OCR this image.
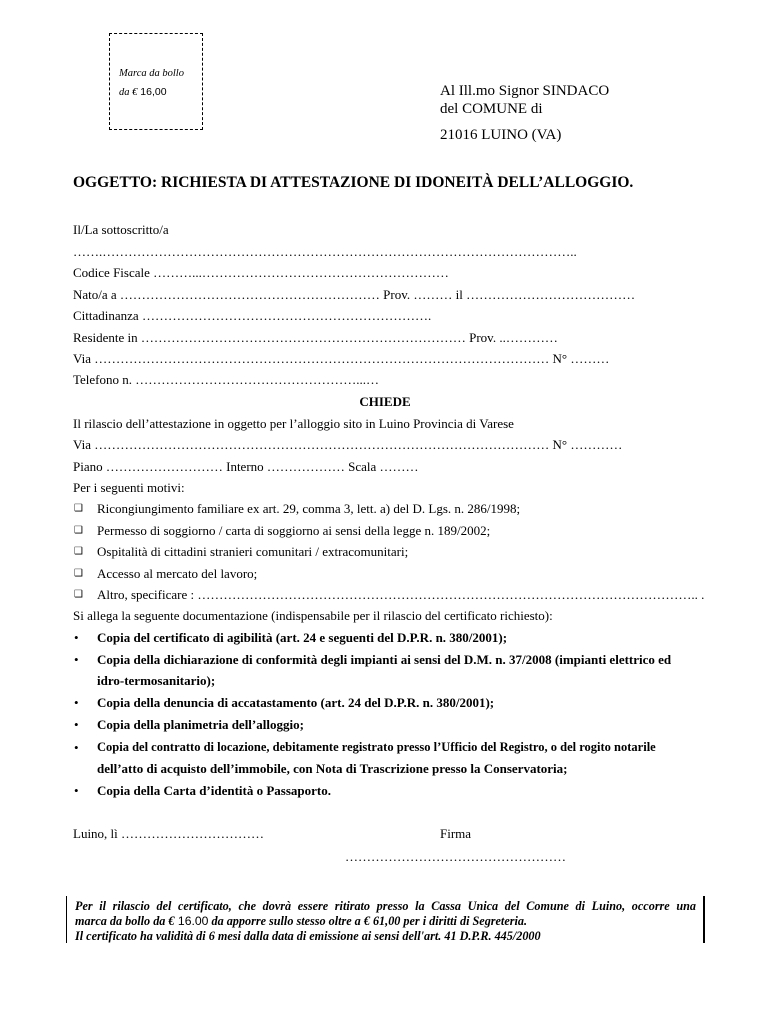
Marca da bollo
da € 16,00	Al Ill.mo Signor SINDACO
del COMUNE di
21016 LUINO (VA)
OGGETTO: RICHIESTA DI ATTESTAZIONE DI IDONEITÀ DELL’ALLOGGIO.
Il/La sottoscritto/a
…….………………………………………………………………………………………………..
Codice Fiscale ………...…………………………………………………
Nato/a a …………………………………………………… Prov. ……… il …………………………………
Cittadinanza ………………………………………………………….
Residente in ………………………………………………………………… Prov. ..…………
Via …………………………………………………………………………………………… N° ………
Telefono n. ……………………………………………...…
CHIEDE
Il rilascio dell’attestazione in oggetto per l’alloggio sito in Luino Provincia di Varese
Via …………………………………………………………………………………………… N° …………
Piano ……………………… Interno ……………… Scala ………
Per i seguenti motivi:
❑ Ricongiungimento familiare ex art. 29, comma 3, lett. a) del D. Lgs. n. 286/1998;
❑ Permesso di soggiorno / carta di soggiorno ai sensi della legge n. 189/2002;
❑ Ospitalità di cittadini stranieri comunitari / extracomunitari;
❑ Accesso al mercato del lavoro;
❑ Altro, specificare : …………………………………………………………………………………………………….. .
Si allega la seguente documentazione (indispensabile per il rilascio del certificato richiesto):
• Copia del certificato di agibilità (art. 24 e seguenti del D.P.R. n. 380/2001);
• Copia della dichiarazione di conformità degli impianti ai sensi del D.M. n. 37/2008 (impianti elettrico ed
idro-termosanitario);
• Copia della denuncia di accatastamento (art. 24 del D.P.R. n. 380/2001);
• Copia della planimetria dell’alloggio;
• Copia del contratto di locazione, debitamente registrato presso l’Ufficio del Registro, o del rogito notarile
dell’atto di acquisto dell’immobile, con Nota di Trascrizione presso la Conservatoria;
• Copia della Carta d’identità o Passaporto.
Luino, lì ……………………………	Firma
……………………………………………
Per il rilascio del certificato, che dovrà essere ritirato presso la Cassa Unica del Comune di Luino, occorre una
marca da bollo da € 16.00 da apporre sullo stesso oltre a € 61,00 per i diritti di Segreteria.
Il certificato ha validità di 6 mesi dalla data di emissione ai sensi dell'art. 41 D.P.R. 445/2000
